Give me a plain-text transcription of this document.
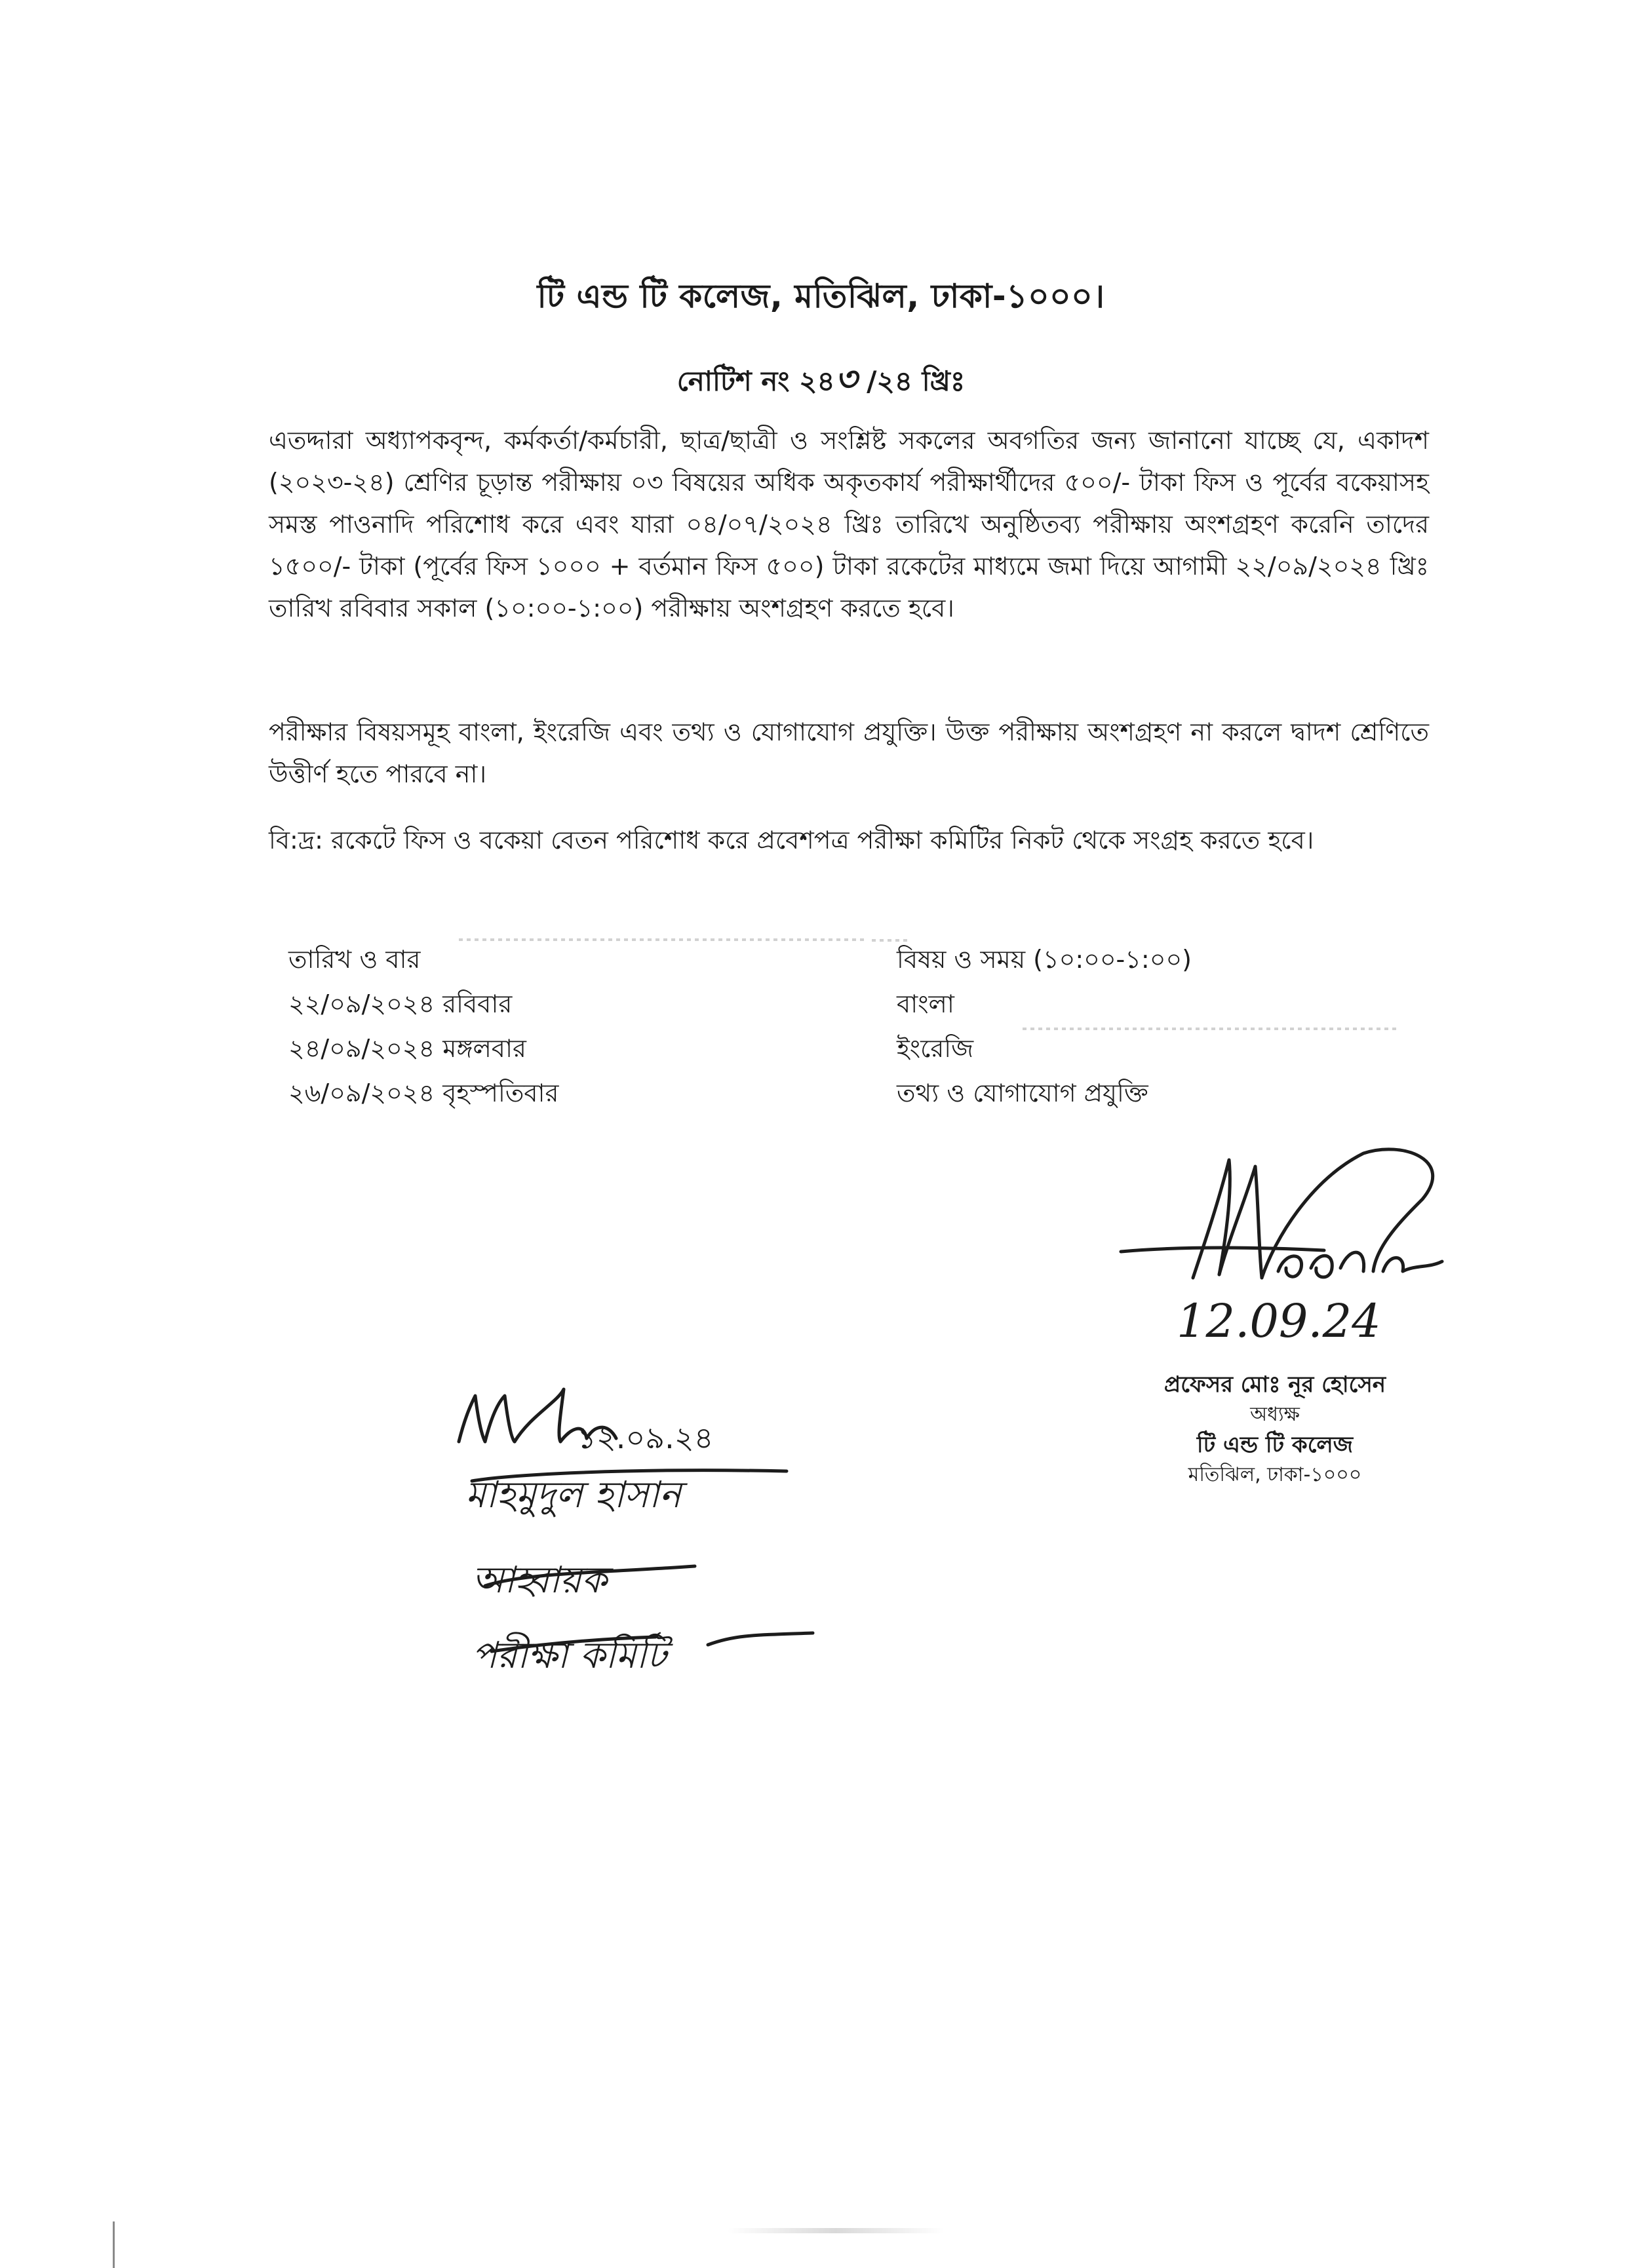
টি এন্ড টি কলেজ, মতিঝিল, ঢাকা-১০০০।
নোটিশ নং ২৪৩ /২৪ খ্রিঃ
এতদ্দারা অধ্যাপকবৃন্দ, কর্মকর্তা/কর্মচারী, ছাত্র/ছাত্রী ও সংশ্লিষ্ট সকলের অবগতির জন্য জানানো যাচ্ছে যে, একাদশ (২০২৩-২৪) শ্রেণির চূড়ান্ত পরীক্ষায় ০৩ বিষয়ের অধিক অকৃতকার্য পরীক্ষার্থীদের ৫০০/- টাকা ফিস ও পূর্বের বকেয়াসহ সমস্ত পাওনাদি পরিশোধ করে এবং যারা ০৪/০৭/২০২৪ খ্রিঃ তারিখে অনুষ্ঠিতব্য পরীক্ষায় অংশগ্রহণ করেনি তাদের ১৫০০/- টাকা (পূর্বের ফিস ১০০০ + বর্তমান ফিস ৫০০) টাকা রকেটের মাধ্যমে জমা দিয়ে আগামী ২২/০৯/২০২৪ খ্রিঃ তারিখ রবিবার সকাল (১০:০০-১:০০) পরীক্ষায় অংশগ্রহণ করতে হবে।
পরীক্ষার বিষয়সমূহ বাংলা, ইংরেজি এবং তথ্য ও যোগাযোগ প্রযুক্তি। উক্ত পরীক্ষায় অংশগ্রহণ না করলে দ্বাদশ শ্রেণিতে উত্তীর্ণ হতে পারবে না।
বি:দ্র: রকেটে ফিস ও বকেয়া বেতন পরিশোধ করে প্রবেশপত্র পরীক্ষা কমিটির নিকট থেকে সংগ্রহ করতে হবে।
তারিখ ও বার
২২/০৯/২০২৪ রবিবার
২৪/০৯/২০২৪ মঙ্গলবার
২৬/০৯/২০২৪ বৃহস্পতিবার
বিষয় ও সময় (১০:০০-১:০০)
বাংলা
ইংরেজি
তথ্য ও যোগাযোগ প্রযুক্তি
12.09.24
প্রফেসর মোঃ নূর হোসেন
অধ্যক্ষ
টি এন্ড টি কলেজ
মতিঝিল, ঢাকা-১০০০
১২.০৯.২৪
মাহমুদুল হাসান
আহ্বায়ক
পরীক্ষা কমিটি
